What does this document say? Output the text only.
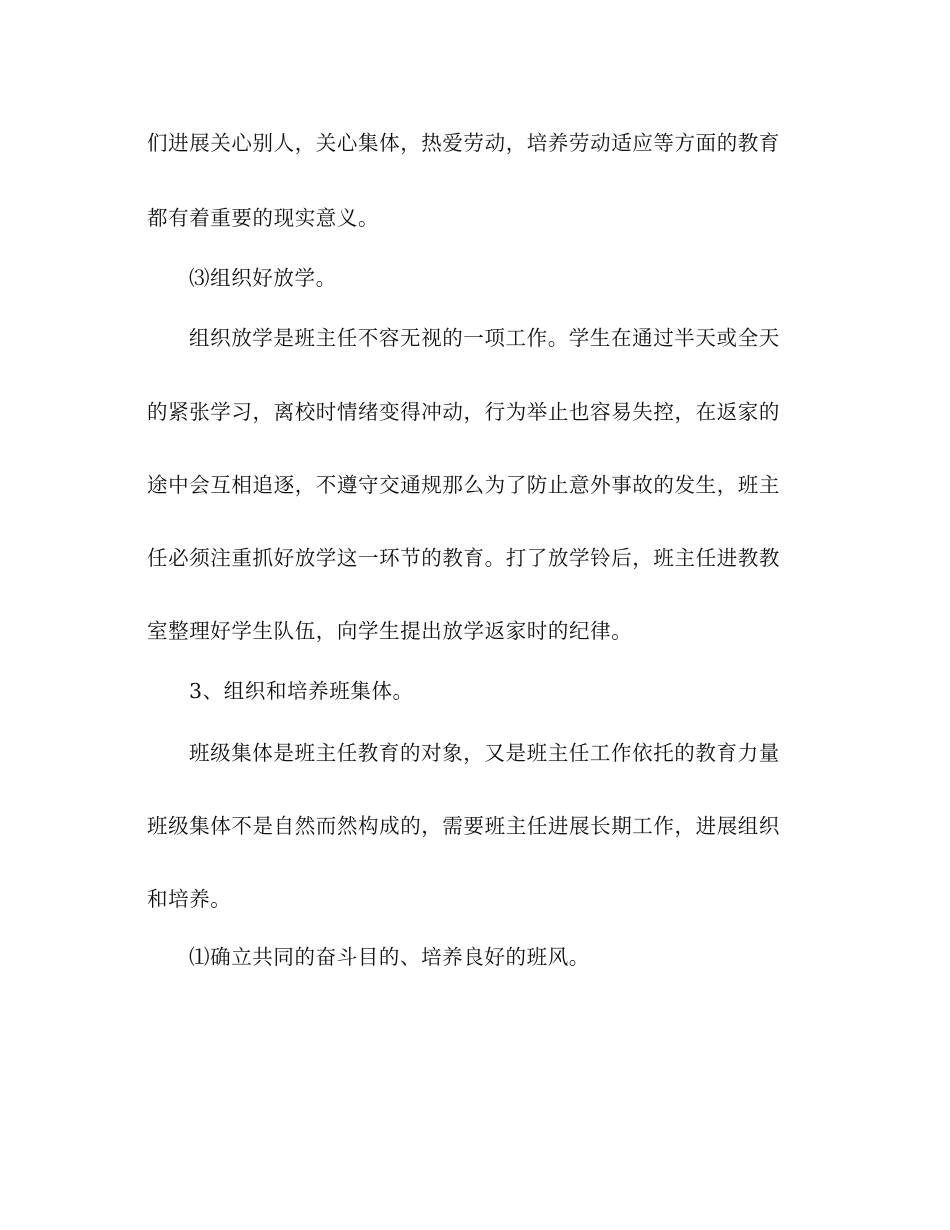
们进展关心别人，关心集体，热爱劳动，培养劳动适应等方面的教育
都有着重要的现实意义。
⑶组织好放学。
组织放学是班主任不容无视的一项工作。学生在通过半天或全天
的紧张学习，离校时情绪变得冲动，行为举止也容易失控，在返家的
途中会互相追逐，不遵守交通规那么为了防止意外事故的发生，班主
任必须注重抓好放学这一环节的教育。打了放学铃后，班主任进教教
室整理好学生队伍，向学生提出放学返家时的纪律。
3、组织和培养班集体。
班级集体是班主任教育的对象，又是班主任工作依托的教育力量
班级集体不是自然而然构成的，需要班主任进展长期工作，进展组织
和培养。
⑴确立共同的奋斗目的、培养良好的班风。
